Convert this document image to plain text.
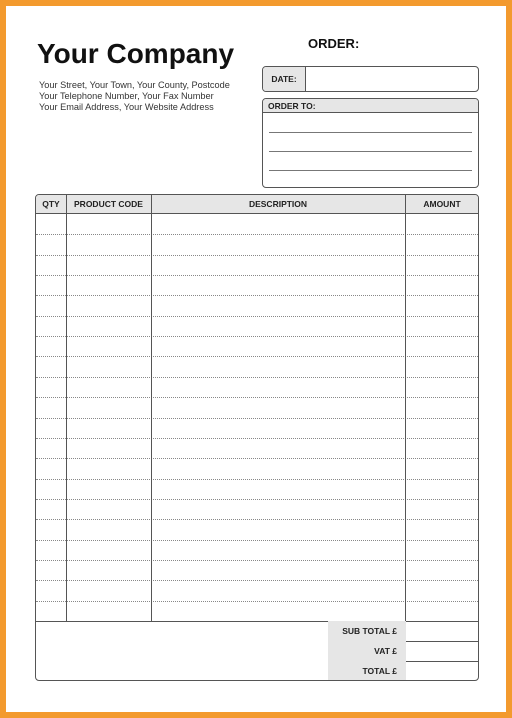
Your Company
Your Street, Your Town, Your County, Postcode
Your Telephone Number, Your Fax Number
Your Email Address, Your Website Address
ORDER:
DATE:
ORDER TO:
QTY	PRODUCT CODE	DESCRIPTION	AMOUNT
SUB TOTAL £
VAT £
TOTAL £
